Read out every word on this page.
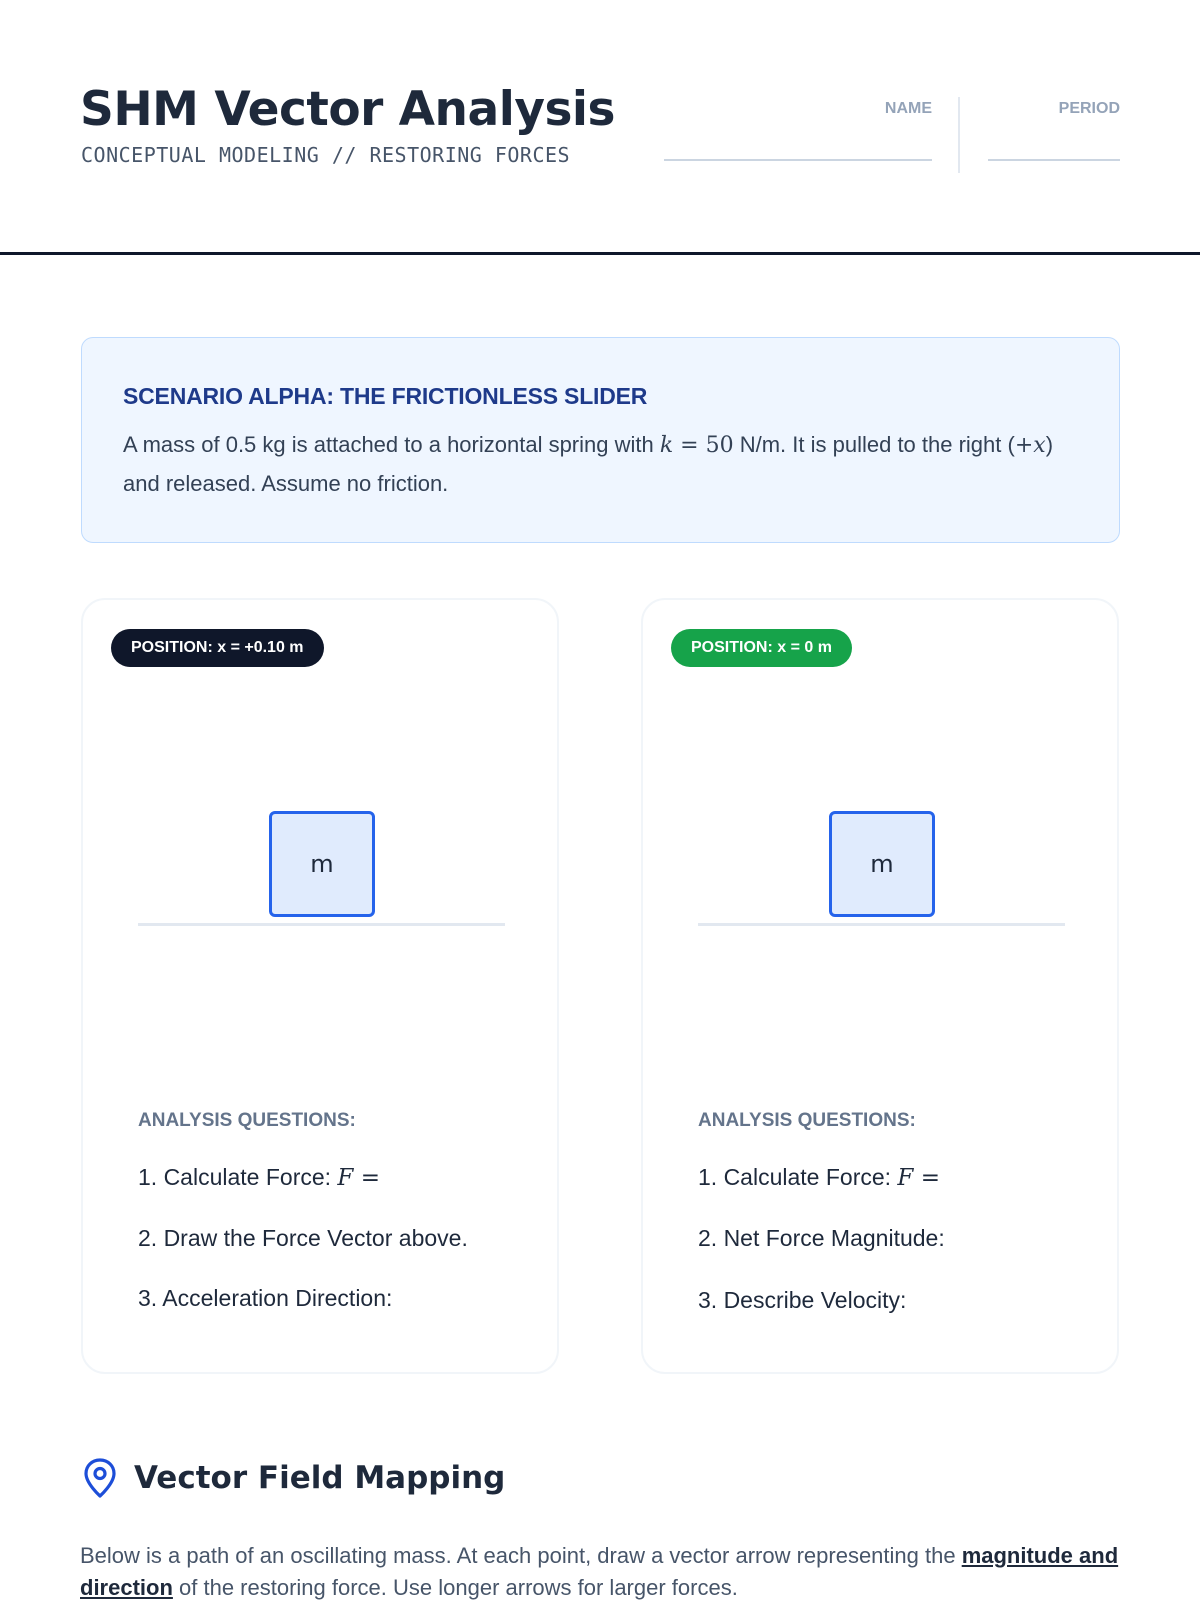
SHM Vector Analysis
CONCEPTUAL MODELING // RESTORING FORCES
NAME	PERIOD
SCENARIO ALPHA: THE FRICTIONLESS SLIDER
A mass of 0.5 kg is attached to a horizontal spring with k = 50 N/m. It is pulled to the right (+x) and released. Assume no friction.
POSITION: x = +0.10 m
m
ANALYSIS QUESTIONS:
1. Calculate Force: F =
2. Draw the Force Vector above.
3. Acceleration Direction:
POSITION: x = 0 m
m
ANALYSIS QUESTIONS:
1. Calculate Force: F =
2. Net Force Magnitude:
3. Describe Velocity:
Vector Field Mapping
Below is a path of an oscillating mass. At each point, draw a vector arrow representing the magnitude and direction of the restoring force. Use longer arrows for larger forces.
